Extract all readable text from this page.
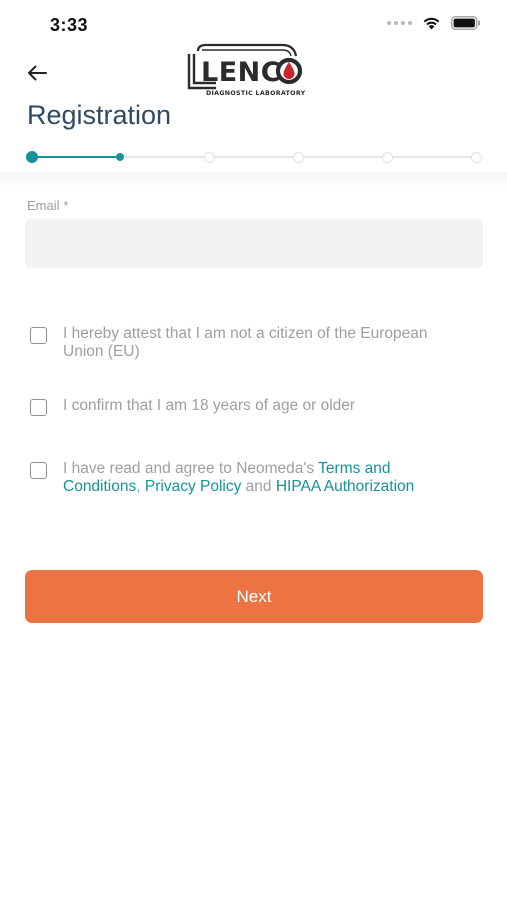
3:33
LENC
DIAGNOSTIC LABORATORY
Registration
Email *
I hereby attest that I am not a citizen of the European Union (EU)
I confirm that I am 18 years of age or older
I have read and agree to Neomeda's Terms and Conditions, Privacy Policy and HIPAA Authorization
Next
